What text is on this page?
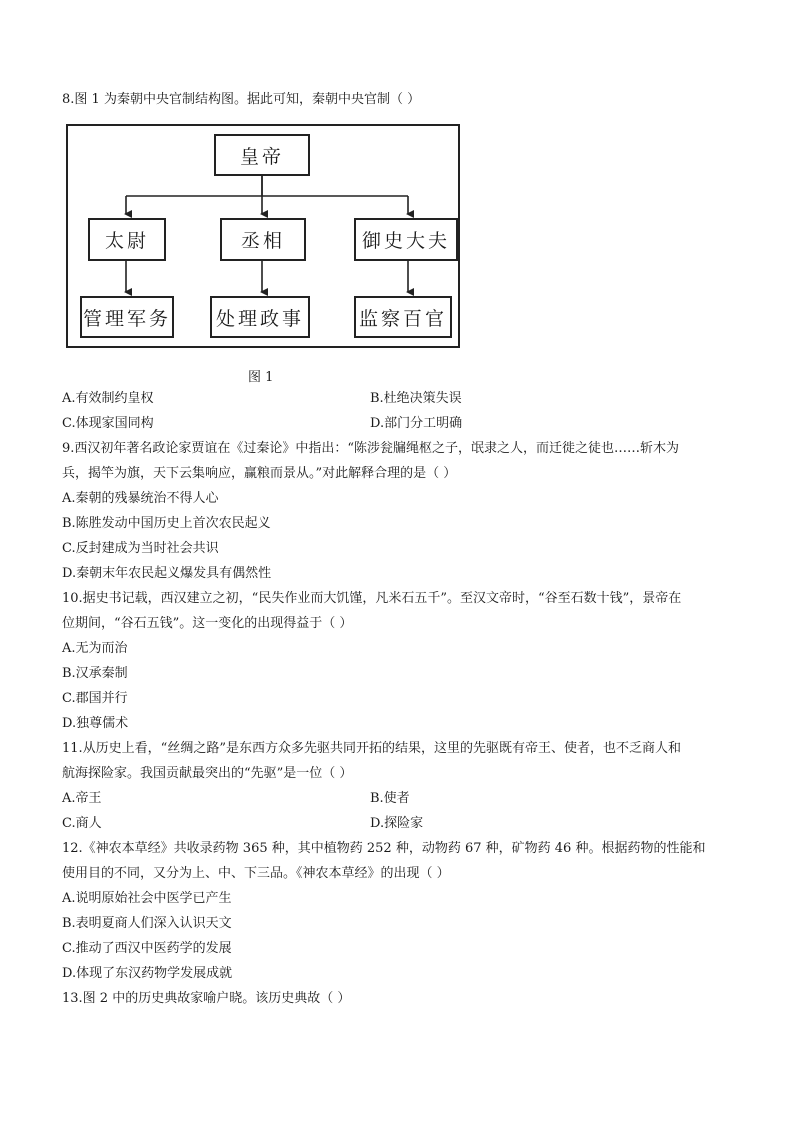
8.图 1 为秦朝中央官制结构图。据此可知，秦朝中央官制（ ）
皇帝
太尉	丞相	御史大夫
管理军务	处理政事	监察百官
图 1
A.有效制约皇权	B.杜绝决策失误
C.体现家国同构	D.部门分工明确
9.西汉初年著名政论家贾谊在《过秦论》中指出：“陈涉瓮牖绳枢之子，氓隶之人，而迁徙之徒也……斩木为
兵，揭竿为旗，天下云集响应，赢粮而景从。”对此解释合理的是（ ）
A.秦朝的残暴统治不得人心
B.陈胜发动中国历史上首次农民起义
C.反封建成为当时社会共识
D.秦朝末年农民起义爆发具有偶然性
10.据史书记载，西汉建立之初，“民失作业而大饥馑，凡米石五千”。至汉文帝时，“谷至石数十钱”，景帝在
位期间，“谷石五钱”。这一变化的出现得益于（ ）
A.无为而治
B.汉承秦制
C.郡国并行
D.独尊儒术
11.从历史上看，“丝绸之路”是东西方众多先驱共同开拓的结果，这里的先驱既有帝王、使者，也不乏商人和
航海探险家。我国贡献最突出的“先驱”是一位（ ）
A.帝王	B.使者
C.商人	D.探险家
12.《神农本草经》共收录药物 365 种，其中植物药 252 种，动物药 67 种，矿物药 46 种。根据药物的性能和
使用目的不同，又分为上、中、下三品。《神农本草经》的出现（ ）
A.说明原始社会中医学已产生
B.表明夏商人们深入认识天文
C.推动了西汉中医药学的发展
D.体现了东汉药物学发展成就
13.图 2 中的历史典故家喻户晓。该历史典故（ ）
